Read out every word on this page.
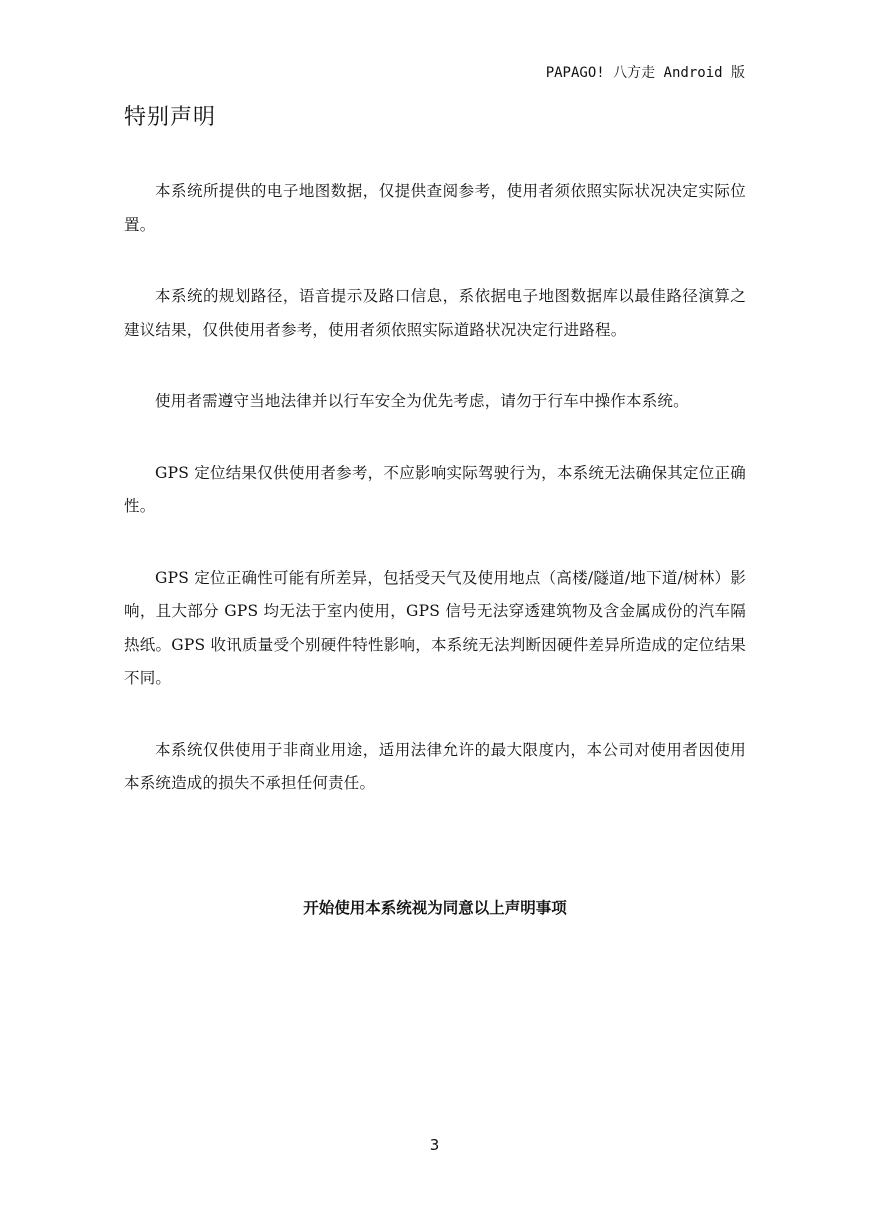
PAPAGO! 八方走 Android 版
特别声明

本系统所提供的电子地图数据，仅提供查阅参考，使用者须依照实际状况决定实际位置。

本系统的规划路径，语音提示及路口信息，系依据电子地图数据库以最佳路径演算之建议结果，仅供使用者参考，使用者须依照实际道路状况决定行进路程。

使用者需遵守当地法律并以行车安全为优先考虑，请勿于行车中操作本系统。

GPS 定位结果仅供使用者参考，不应影响实际驾驶行为，本系统无法确保其定位正确性。

GPS 定位正确性可能有所差异，包括受天气及使用地点（高楼/隧道/地下道/树林）影响，且大部分 GPS 均无法于室内使用，GPS 信号无法穿透建筑物及含金属成份的汽车隔热纸。GPS 收讯质量受个别硬件特性影响，本系统无法判断因硬件差异所造成的定位结果不同。

本系统仅供使用于非商业用途，适用法律允许的最大限度内，本公司对使用者因使用本系统造成的损失不承担任何责任。

开始使用本系统视为同意以上声明事项
3
